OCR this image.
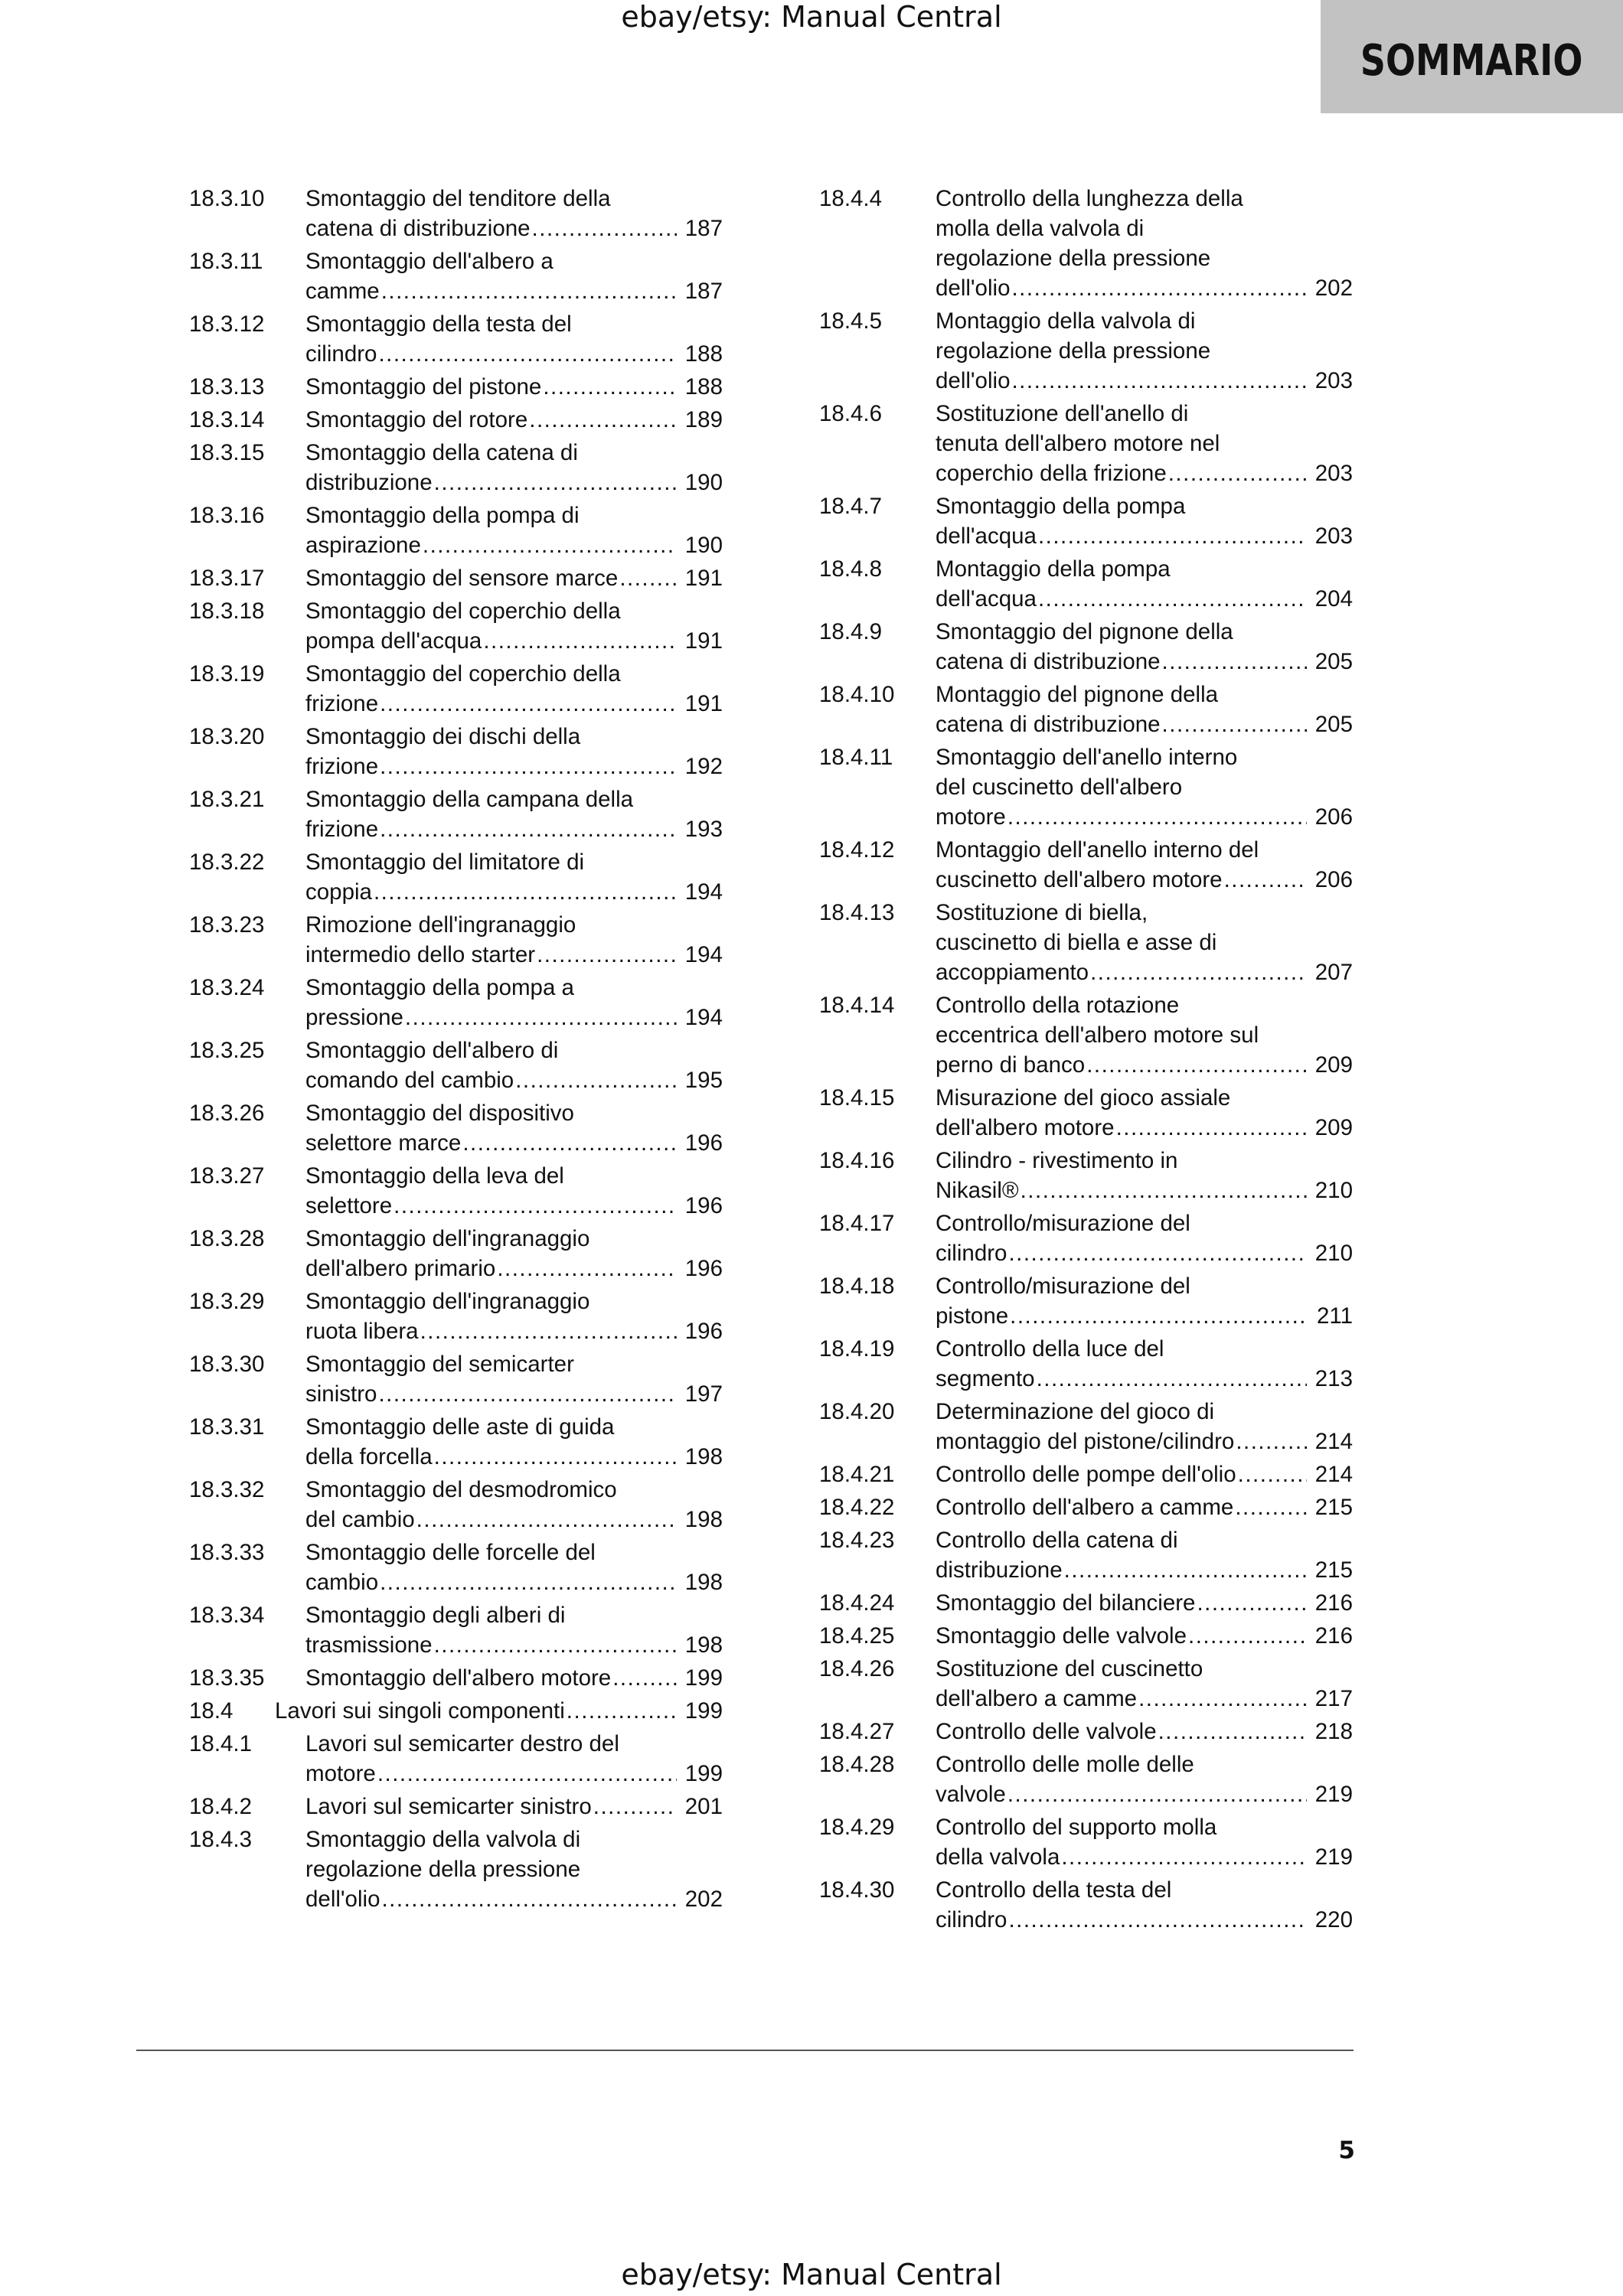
ebay/etsy: Manual Central
SOMMARIO
18.3.10 Smontaggio del tenditore della
catena di distribuzione .....	187
18.3.11 Smontaggio dell'albero a
camme .....	187
18.3.12 Smontaggio della testa del
cilindro .....	188
18.3.13 Smontaggio del pistone .....	188
18.3.14 Smontaggio del rotore .....	189
18.3.15 Smontaggio della catena di
distribuzione .....	190
18.3.16 Smontaggio della pompa di
aspirazione .....	190
18.3.17 Smontaggio del sensore marce .....	191
18.3.18 Smontaggio del coperchio della
pompa dell'acqua .....	191
18.3.19 Smontaggio del coperchio della
frizione .....	191
18.3.20 Smontaggio dei dischi della
frizione .....	192
18.3.21 Smontaggio della campana della
frizione .....	193
18.3.22 Smontaggio del limitatore di
coppia .....	194
18.3.23 Rimozione dell'ingranaggio
intermedio dello starter .....	194
18.3.24 Smontaggio della pompa a
pressione .....	194
18.3.25 Smontaggio dell'albero di
comando del cambio .....	195
18.3.26 Smontaggio del dispositivo
selettore marce .....	196
18.3.27 Smontaggio della leva del
selettore .....	196
18.3.28 Smontaggio dell'ingranaggio
dell'albero primario .....	196
18.3.29 Smontaggio dell'ingranaggio
ruota libera .....	196
18.3.30 Smontaggio del semicarter
sinistro .....	197
18.3.31 Smontaggio delle aste di guida
della forcella .....	198
18.3.32 Smontaggio del desmodromico
del cambio .....	198
18.3.33 Smontaggio delle forcelle del
cambio .....	198
18.3.34 Smontaggio degli alberi di
trasmissione .....	198
18.3.35 Smontaggio dell'albero motore .....	199
18.4 Lavori sui singoli componenti .....	199
18.4.1 Lavori sul semicarter destro del
motore .....	199
18.4.2 Lavori sul semicarter sinistro .....	201
18.4.3 Smontaggio della valvola di
regolazione della pressione
dell'olio .....	202
18.4.4 Controllo della lunghezza della
molla della valvola di
regolazione della pressione
dell'olio .....	202
18.4.5 Montaggio della valvola di
regolazione della pressione
dell'olio .....	203
18.4.6 Sostituzione dell'anello di
tenuta dell'albero motore nel
coperchio della frizione .....	203
18.4.7 Smontaggio della pompa
dell'acqua .....	203
18.4.8 Montaggio della pompa
dell'acqua .....	204
18.4.9 Smontaggio del pignone della
catena di distribuzione .....	205
18.4.10 Montaggio del pignone della
catena di distribuzione .....	205
18.4.11 Smontaggio dell'anello interno
del cuscinetto dell'albero
motore .....	206
18.4.12 Montaggio dell'anello interno del
cuscinetto dell'albero motore .....	206
18.4.13 Sostituzione di biella,
cuscinetto di biella e asse di
accoppiamento .....	207
18.4.14 Controllo della rotazione
eccentrica dell'albero motore sul
perno di banco .....	209
18.4.15 Misurazione del gioco assiale
dell'albero motore .....	209
18.4.16 Cilindro - rivestimento in
Nikasil® .....	210
18.4.17 Controllo/misurazione del
cilindro .....	210
18.4.18 Controllo/misurazione del
pistone .....	211
18.4.19 Controllo della luce del
segmento .....	213
18.4.20 Determinazione del gioco di
montaggio del pistone/cilindro .....	214
18.4.21 Controllo delle pompe dell'olio .....	214
18.4.22 Controllo dell'albero a camme .....	215
18.4.23 Controllo della catena di
distribuzione .....	215
18.4.24 Smontaggio del bilanciere .....	216
18.4.25 Smontaggio delle valvole .....	216
18.4.26 Sostituzione del cuscinetto
dell'albero a camme .....	217
18.4.27 Controllo delle valvole .....	218
18.4.28 Controllo delle molle delle
valvole .....	219
18.4.29 Controllo del supporto molla
della valvola .....	219
18.4.30 Controllo della testa del
cilindro .....	220
5
ebay/etsy: Manual Central
